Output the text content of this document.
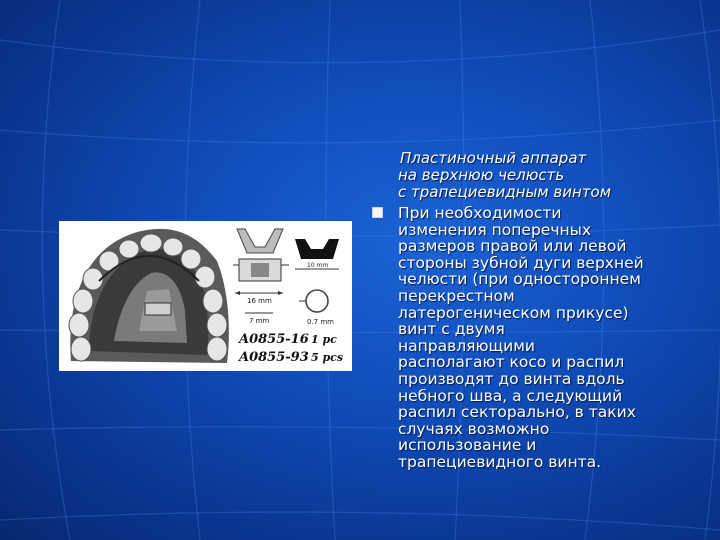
Пластиночный аппарат
на верхнюю челюсть
с трапециевидным винтом
16 mm
7 mm
10 mm
0.7 mm
A0855-16 1 pc
A0855-93 5 pcs
При необходимости
изменения поперечных
размеров правой или левой
стороны зубной дуги верхней
челюсти (при одностороннем
перекрестном
латерогеническом прикусе)
винт с двумя
направляющими
располагают косо и распил
производят до винта вдоль
небного шва, а следующий
распил секторально, в таких
случаях возможно
использование и
трапециевидного винта.
